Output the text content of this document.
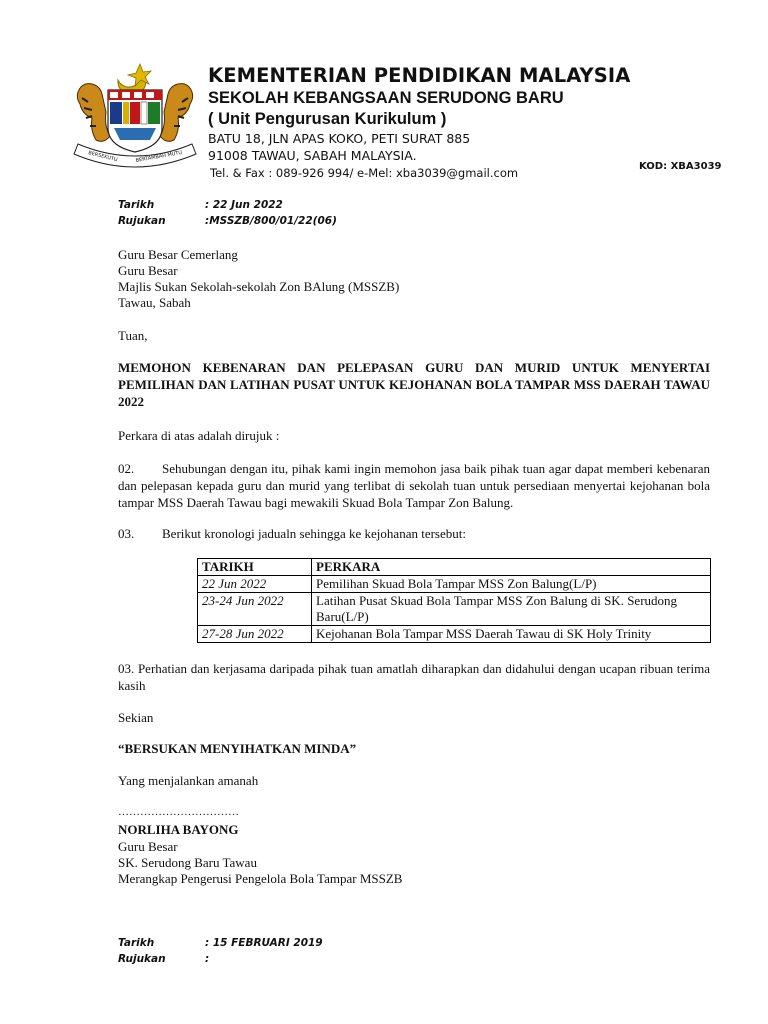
BERSEKUTU	BERTAMBAH MUTU
KEMENTERIAN PENDIDIKAN MALAYSIA
SEKOLAH KEBANGSAAN SERUDONG BARU
( Unit Pengurusan Kurikulum )
BATU 18, JLN APAS KOKO, PETI SURAT 885
91008 TAWAU, SABAH MALAYSIA.
Tel. & Fax : 089-926 994/ e-Mel: xba3039@gmail.com	KOD: XBA3039
Tarikh	: 22 Jun 2022
Rujukan	:MSSZB/800/01/22(06)
Guru Besar Cemerlang
Guru Besar
Majlis Sukan Sekolah-sekolah Zon BAlung (MSSZB)
Tawau, Sabah
Tuan,
MEMOHON KEBENARAN DAN PELEPASAN GURU DAN MURID UNTUK MENYERTAI PEMILIHAN DAN LATIHAN PUSAT UNTUK KEJOHANAN BOLA TAMPAR MSS DAERAH TAWAU 2022
Perkara di atas adalah dirujuk :
02. Sehubungan dengan itu, pihak kami ingin memohon jasa baik pihak tuan agar dapat memberi kebenaran dan pelepasan kepada guru dan murid yang terlibat di sekolah tuan untuk persediaan menyertai kejohanan bola tampar MSS Daerah Tawau bagi mewakili Skuad Bola Tampar Zon Balung.
03. Berikut kronologi jadualn sehingga ke kejohanan tersebut:
TARIKH	PERKARA
22 Jun 2022	Pemilihan Skuad Bola Tampar MSS Zon Balung(L/P)
23-24 Jun 2022	Latihan Pusat Skuad Bola Tampar MSS Zon Balung di SK. Serudong Baru(L/P)
27-28 Jun 2022	Kejohanan Bola Tampar MSS Daerah Tawau di SK Holy Trinity
03. Perhatian dan kerjasama daripada pihak tuan amatlah diharapkan dan didahului dengan ucapan ribuan terima kasih
Sekian
“BERSUKAN MENYIHATKAN MINDA”
Yang menjalankan amanah
……………………………
NORLIHA BAYONG
Guru Besar
SK. Serudong Baru Tawau
Merangkap Pengerusi Pengelola Bola Tampar MSSZB
Tarikh	: 15 FEBRUARI 2019
Rujukan	:
